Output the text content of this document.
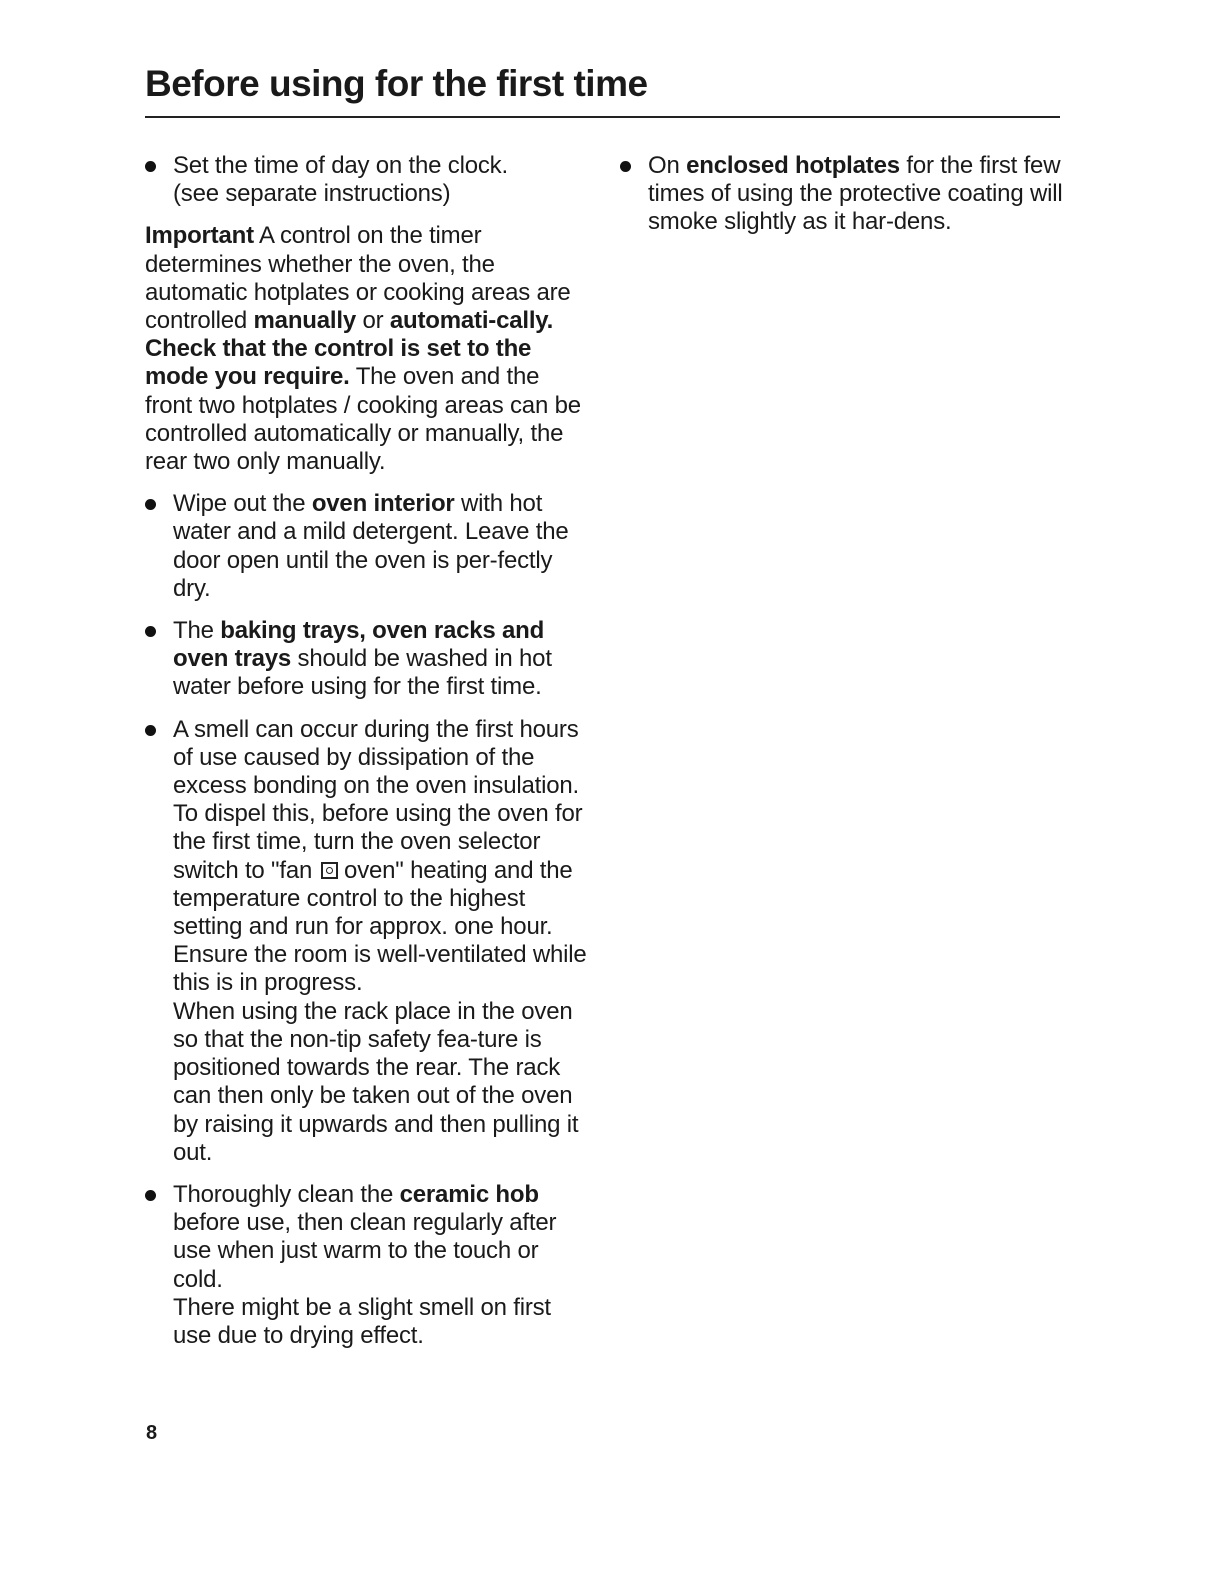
Before using for the first time

Set the time of day on the clock.
(see separate instructions)

Important A control on the timer determines whether the oven, the automatic hotplates or cooking areas are controlled manually or automati-cally. Check that the control is set to the mode you require. The oven and the front two hotplates / cooking areas can be controlled automatically or manually, the rear two only manually.

Wipe out the oven interior with hot water and a mild detergent. Leave the door open until the oven is per-fectly dry.

The baking trays, oven racks and oven trays should be washed in hot water before using for the first time.

A smell can occur during the first hours of use caused by dissipation of the excess bonding on the oven insulation. To dispel this, before using the oven for the first time, turn the oven selector switch to "fan  oven" heating and the temperature control to the highest setting and run for approx. one hour. Ensure the room is well-ventilated while this is in progress.
When using the rack place in the oven so that the non-tip safety fea-ture is positioned towards the rear. The rack can then only be taken out of the oven by raising it upwards and then pulling it out.

Thoroughly clean the ceramic hob before use, then clean regularly after use when just warm to the touch or cold.
There might be a slight smell on first use due to drying effect.

On enclosed hotplates for the first few times of using the protective coating will smoke slightly as it har-dens.

8
